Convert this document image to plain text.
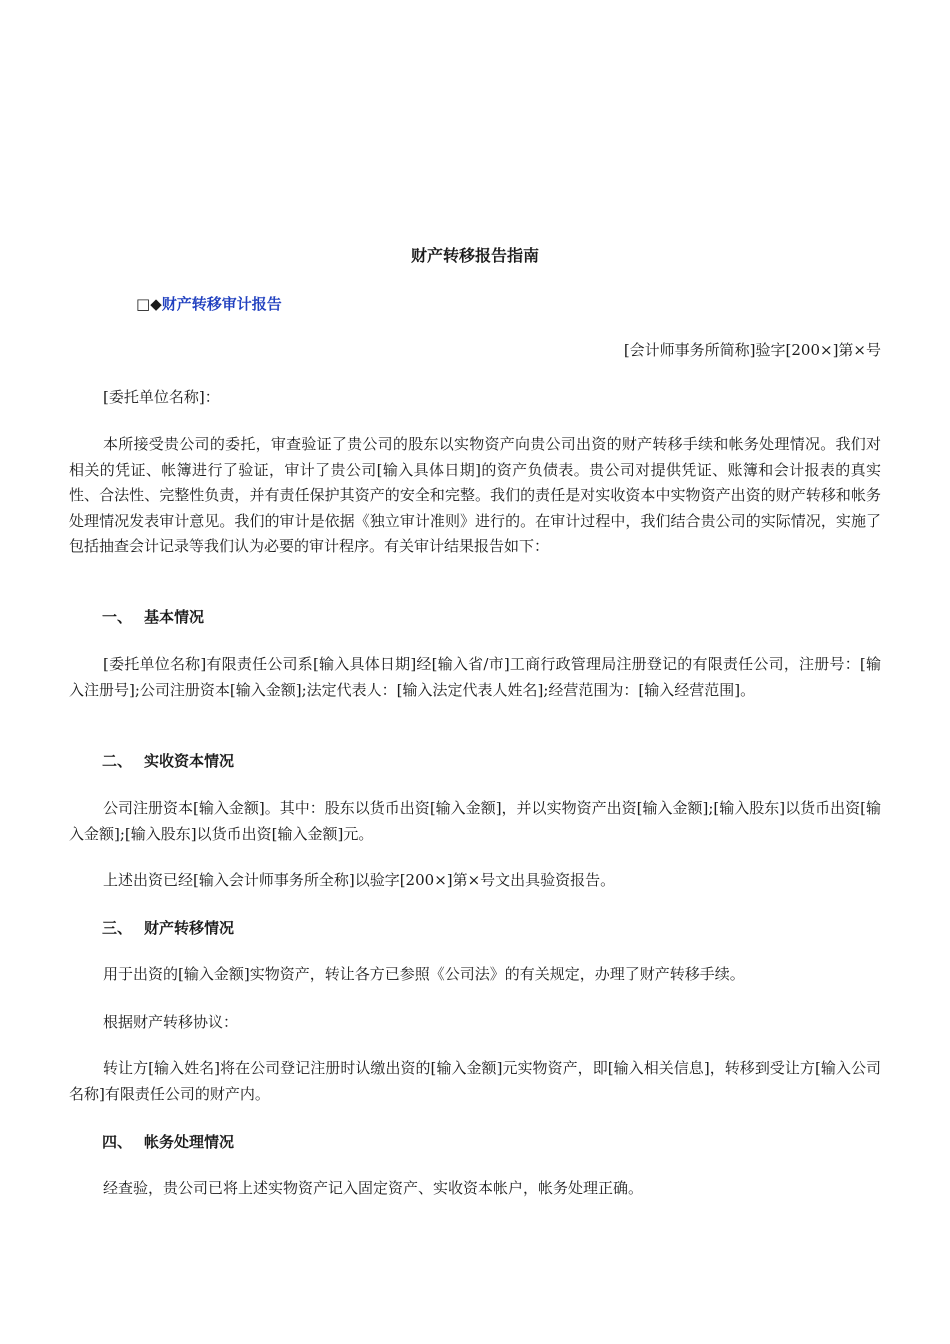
财产转移报告指南
□◆财产转移审计报告
[会计师事务所简称]验字[200×]第×号

[委托单位名称]：

本所接受贵公司的委托，审查验证了贵公司的股东以实物资产向贵公司出资的财产转移手续和帐务处理情况。我们对相关的凭证、帐簿进行了验证，审计了贵公司[输入具体日期]的资产负债表。贵公司对提供凭证、账簿和会计报表的真实性、合法性、完整性负责，并有责任保护其资产的安全和完整。我们的责任是对实收资本中实物资产出资的财产转移和帐务处理情况发表审计意见。我们的审计是依据《独立审计准则》进行的。在审计过程中，我们结合贵公司的实际情况，实施了包括抽查会计记录等我们认为必要的审计程序。有关审计结果报告如下：

一、 基本情况

[委托单位名称]有限责任公司系[输入具体日期]经[输入省/市]工商行政管理局注册登记的有限责任公司，注册号：[输入注册号];公司注册资本[输入金额];法定代表人：[输入法定代表人姓名];经营范围为：[输入经营范围]。

二、 实收资本情况

公司注册资本[输入金额]。其中：股东以货币出资[输入金额]，并以实物资产出资[输入金额];[输入股东]以货币出资[输入金额];[输入股东]以货币出资[输入金额]元。

上述出资已经[输入会计师事务所全称]以验字[200×]第×号文出具验资报告。

三、 财产转移情况

用于出资的[输入金额]实物资产，转让各方已参照《公司法》的有关规定，办理了财产转移手续。

根据财产转移协议：

转让方[输入姓名]将在公司登记注册时认缴出资的[输入金额]元实物资产，即[输入相关信息]，转移到受让方[输入公司名称]有限责任公司的财产内。

四、 帐务处理情况

经查验，贵公司已将上述实物资产记入固定资产、实收资本帐户，帐务处理正确。
